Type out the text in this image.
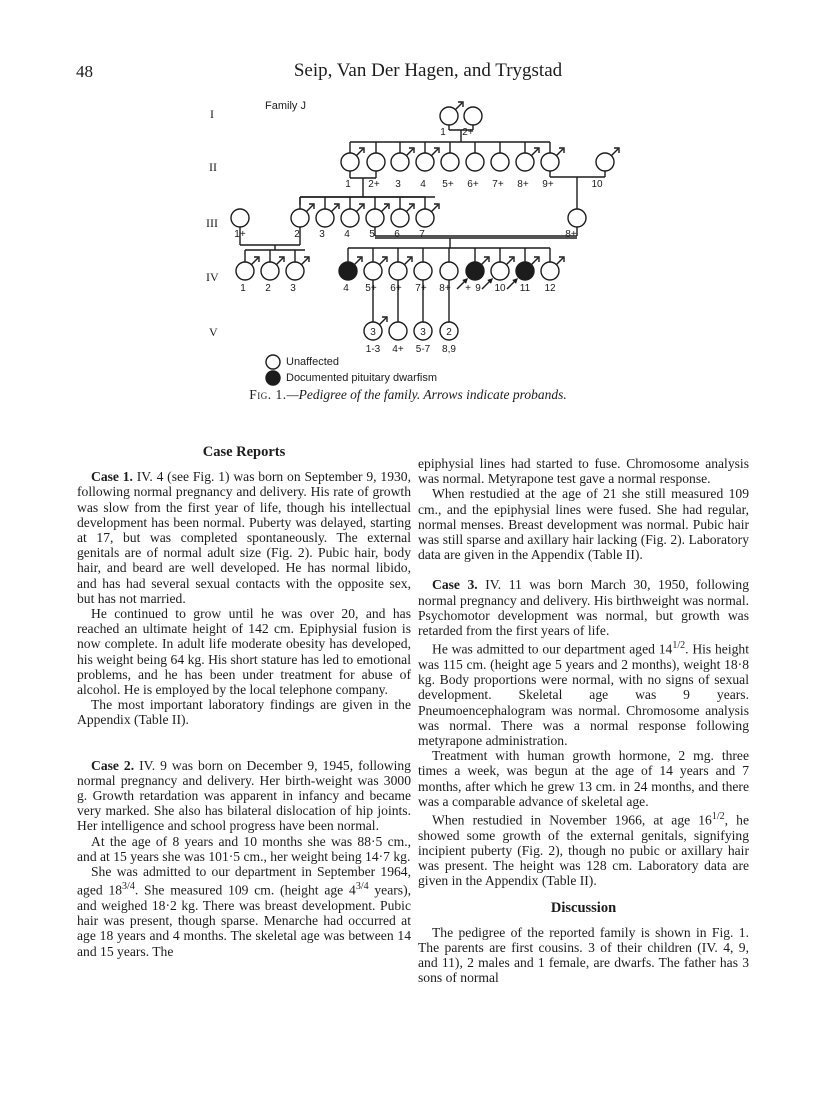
48	Seip, Van Der Hagen, and Trygstad
1 2+
1 2+ 3 4 5+ 6+ 7+ 8+ 9+	10
1+	2 3 4 5 6 7	8+
1 2 3	4 5+ 6+ 7+ 8+ 9
+ 10 11 12
3	3 2
1-3 4+ 5-7 8,9
I
II
III
IV
V
Family J
Unaffected
Documented pituitary dwarfism
Fig. 1.—Pedigree of the family. Arrows indicate probands.
Case Reports

Case 1. IV. 4 (see Fig. 1) was born on September 9, 1930, following normal pregnancy and delivery. His rate of growth was slow from the first year of life, though his intellectual development has been normal. Puberty was delayed, starting at 17, but was completed spontaneously. The external genitals are of normal adult size (Fig. 2). Pubic hair, body hair, and beard are well developed. He has normal libido, and has had several sexual contacts with the opposite sex, but has not married.

He continued to grow until he was over 20, and has reached an ultimate height of 142 cm. Epiphysial fusion is now complete. In adult life moderate obesity has developed, his weight being 64 kg. His short stature has led to emotional problems, and he has been under treatment for abuse of alcohol. He is employed by the local telephone company.

The most important laboratory findings are given in the Appendix (Table II).

Case 2. IV. 9 was born on December 9, 1945, following normal pregnancy and delivery. Her birth-weight was 3000 g. Growth retardation was apparent in infancy and became very marked. She also has bilateral dislocation of hip joints. Her intelligence and school progress have been normal.

At the age of 8 years and 10 months she was 88·5 cm., and at 15 years she was 101·5 cm., her weight being 14·7 kg.

She was admitted to our department in September 1964, aged $18^{3/4}$. She measured 109 cm. (height age $4^{3/4}$ years), and weighed 18·2 kg. There was breast development. Pubic hair was present, though sparse. Menarche had occurred at age 18 years and 4 months. The skeletal age was between 14 and 15 years. The

epiphysial lines had started to fuse. Chromosome analysis was normal. Metyrapone test gave a normal response.

When restudied at the age of 21 she still measured 109 cm., and the epiphysial lines were fused. She had regular, normal menses. Breast development was normal. Pubic hair was still sparse and axillary hair lacking (Fig. 2). Laboratory data are given in the Appendix (Table II).

Case 3. IV. 11 was born March 30, 1950, following normal pregnancy and delivery. His birthweight was normal. Psychomotor development was normal, but growth was retarded from the first years of life.

He was admitted to our department aged $14^{1/2}$. His height was 115 cm. (height age 5 years and 2 months), weight 18·8 kg. Body proportions were normal, with no signs of sexual development. Skeletal age was 9 years. Pneumoencephalogram was normal. Chromosome analysis was normal. There was a normal response following metyrapone administration.

Treatment with human growth hormone, 2 mg. three times a week, was begun at the age of 14 years and 7 months, after which he grew 13 cm. in 24 months, and there was a comparable advance of skeletal age.

When restudied in November 1966, at age $16^{1/2}$, he showed some growth of the external genitals, signifying incipient puberty (Fig. 2), though no pubic or axillary hair was present. The height was 128 cm. Laboratory data are given in the Appendix (Table II).

Discussion

The pedigree of the reported family is shown in Fig. 1. The parents are first cousins. 3 of their children (IV. 4, 9, and 11), 2 males and 1 female, are dwarfs. The father has 3 sons of normal
